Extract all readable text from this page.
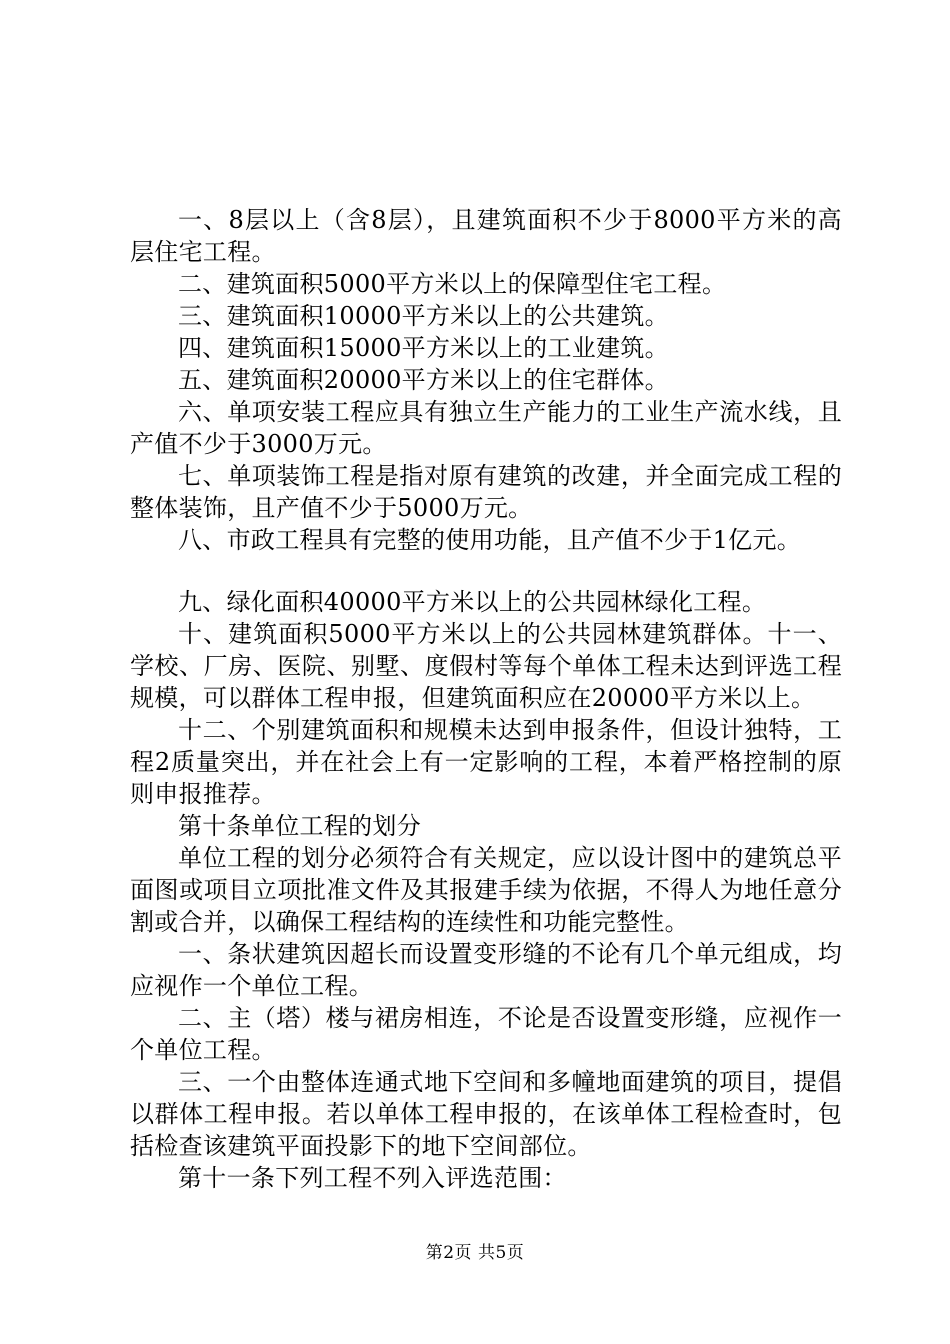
一、8层以上（含8层），且建筑面积不少于8000平方米的高层住宅工程。

二、建筑面积5000平方米以上的保障型住宅工程。

三、建筑面积10000平方米以上的公共建筑。

四、建筑面积15000平方米以上的工业建筑。

五、建筑面积20000平方米以上的住宅群体。

六、单项安装工程应具有独立生产能力的工业生产流水线，且产值不少于3000万元。

七、单项装饰工程是指对原有建筑的改建，并全面完成工程的整体装饰，且产值不少于5000万元。

八、市政工程具有完整的使用功能，且产值不少于1亿元。

九、绿化面积40000平方米以上的公共园林绿化工程。

十、建筑面积5000平方米以上的公共园林建筑群体。十一、学校、厂房、医院、别墅、度假村等每个单体工程未达到评选工程规模，可以群体工程申报，但建筑面积应在20000平方米以上。

十二、个别建筑面积和规模未达到申报条件，但设计独特，工程2质量突出，并在社会上有一定影响的工程，本着严格控制的原则申报推荐。

第十条单位工程的划分

单位工程的划分必须符合有关规定，应以设计图中的建筑总平面图或项目立项批准文件及其报建手续为依据，不得人为地任意分割或合并，以确保工程结构的连续性和功能完整性。

一、条状建筑因超长而设置变形缝的不论有几个单元组成，均应视作一个单位工程。

二、主（塔）楼与裙房相连，不论是否设置变形缝，应视作一个单位工程。

三、一个由整体连通式地下空间和多幢地面建筑的项目，提倡以群体工程申报。若以单体工程申报的，在该单体工程检查时，包括检查该建筑平面投影下的地下空间部位。

第十一条下列工程不列入评选范围：

第2页 共5页
